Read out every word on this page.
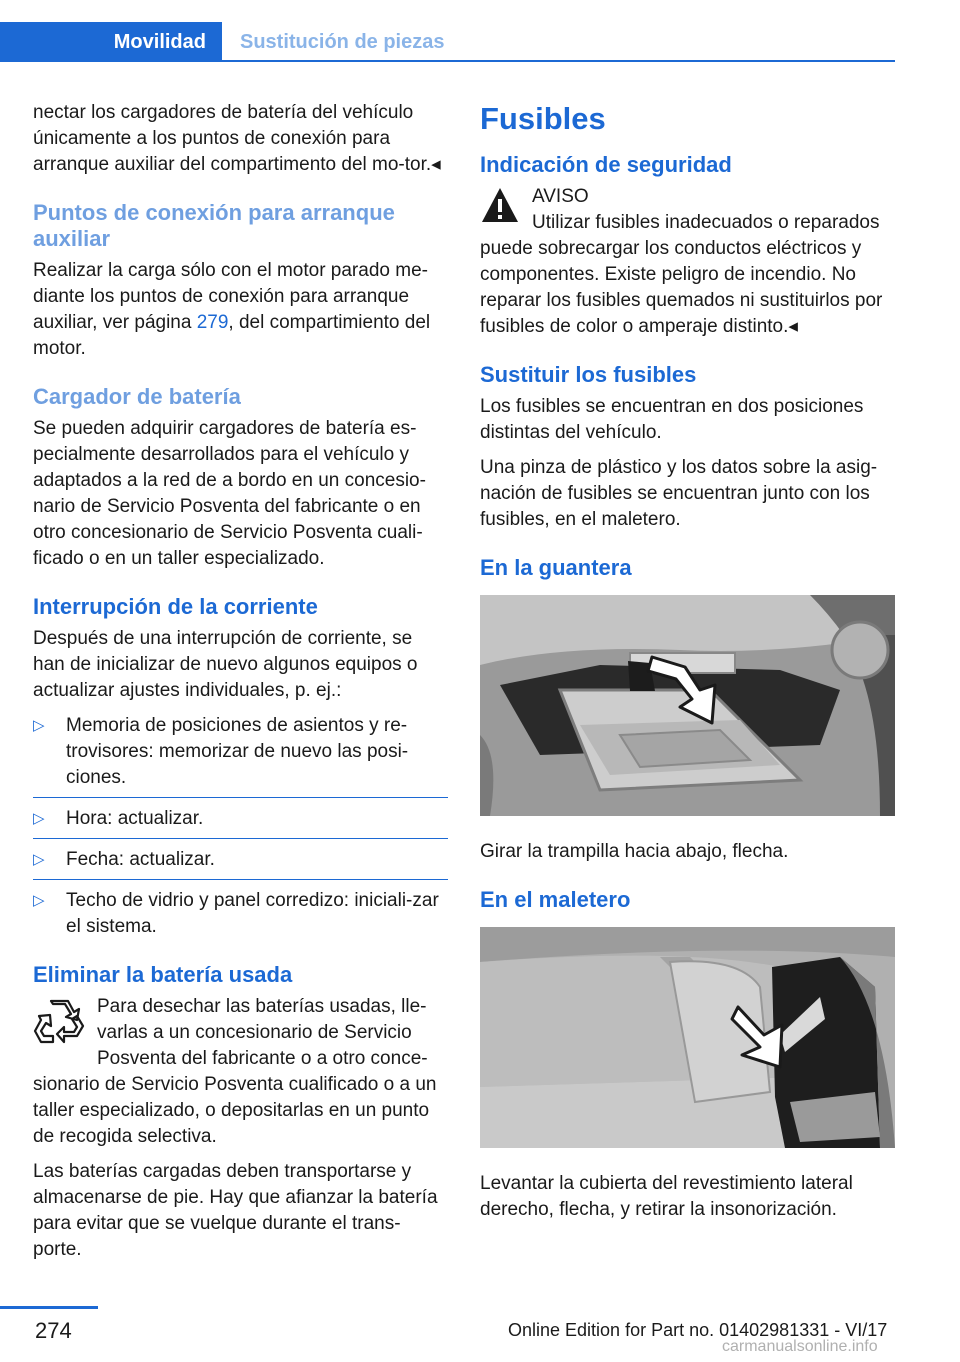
Movilidad	Sustitución de piezas

nectar los cargadores de batería del vehículo únicamente a los puntos de conexión para arranque auxiliar del compartimento del mo‐tor.◂

Puntos de conexión para arranque auxiliar

Realizar la carga sólo con el motor parado me‐diante los puntos de conexión para arranque auxiliar, ver página 279, del compartimiento del motor.

Cargador de batería

Se pueden adquirir cargadores de batería es‐pecialmente desarrollados para el vehículo y adaptados a la red de a bordo en un concesio‐nario de Servicio Posventa del fabricante o en otro concesionario de Servicio Posventa cuali‐ficado o en un taller especializado.

Interrupción de la corriente

Después de una interrupción de corriente, se han de inicializar de nuevo algunos equipos o actualizar ajustes individuales, p. ej.:

▷ Memoria de posiciones de asientos y re‐trovisores: memorizar de nuevo las posi‐ciones.
▷ Hora: actualizar.
▷ Fecha: actualizar.
▷ Techo de vidrio y panel corredizo: iniciali‐zar el sistema.
Eliminar la batería usada

Para desechar las baterías usadas, lle‐varlas a un concesionario de Servicio Posventa del fabricante o a otro conce‐sionario de Servicio Posventa cualificado o a un taller especializado, o depositarlas en un punto de recogida selectiva.

Las baterías cargadas deben transportarse y almacenarse de pie. Hay que afianzar la batería para evitar que se vuelque durante el trans‐porte.

Fusibles
Indicación de seguridad

AVISO

Utilizar fusibles inadecuados o reparados puede sobrecargar los conductos eléctricos y componentes. Existe peligro de incendio. No reparar los fusibles quemados ni sustituirlos por fusibles de color o amperaje distinto.◂

Sustituir los fusibles

Los fusibles se encuentran en dos posiciones distintas del vehículo.

Una pinza de plástico y los datos sobre la asig‐nación de fusibles se encuentran junto con los fusibles, en el maletero.

En la guantera

Girar la trampilla hacia abajo, flecha.

En el maletero

Levantar la cubierta del revestimiento lateral derecho, flecha, y retirar la insonorización.

274	Online Edition for Part no. 01402981331 - VI/17
carmanualsonline.info
